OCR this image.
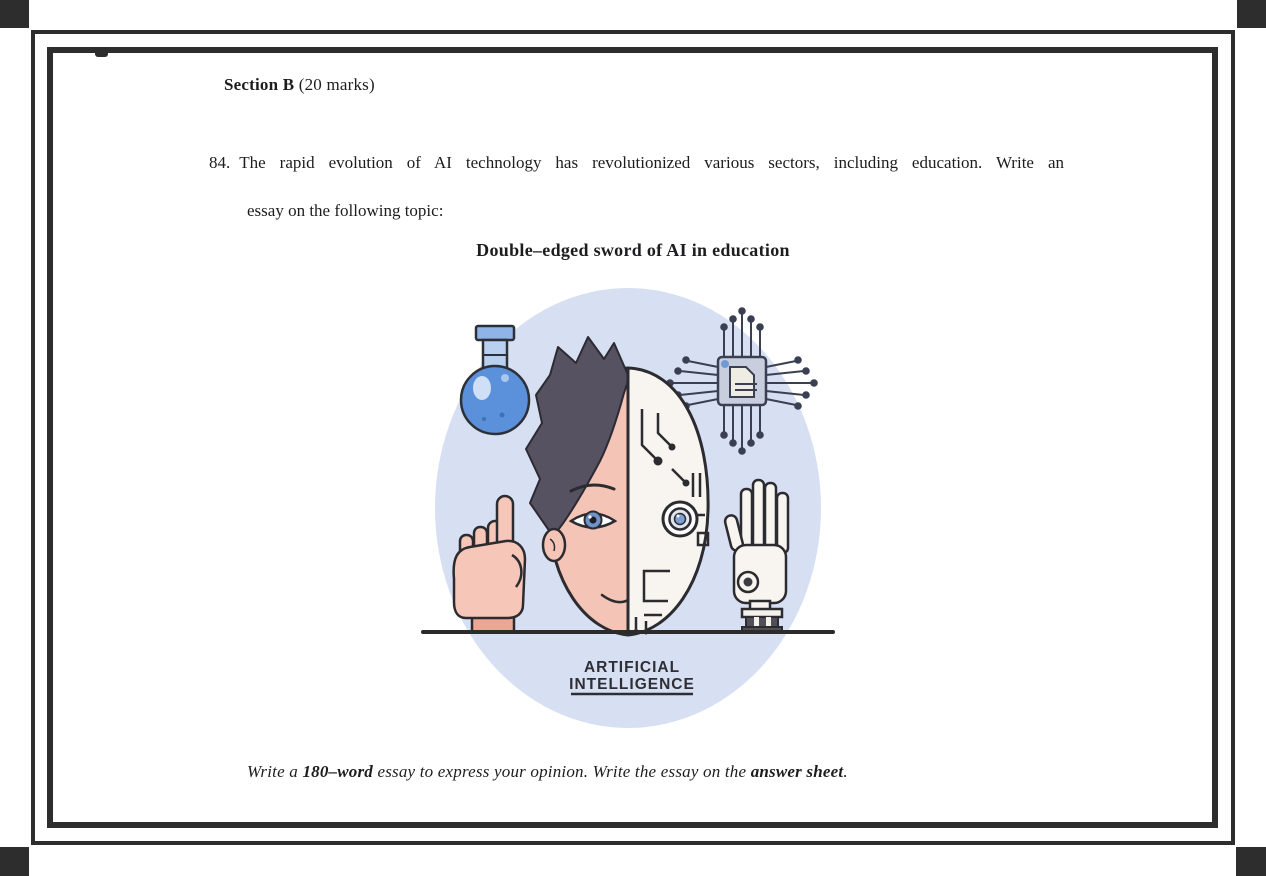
Section B (20 marks)
84. The rapid evolution of AI technology has revolutionized various sectors, including education. Write an
essay on the following topic:
Double–edged sword of AI in education
ARTIFICIAL
INTELLIGENCE
Write a 180–word essay to express your opinion. Write the essay on the answer sheet.
